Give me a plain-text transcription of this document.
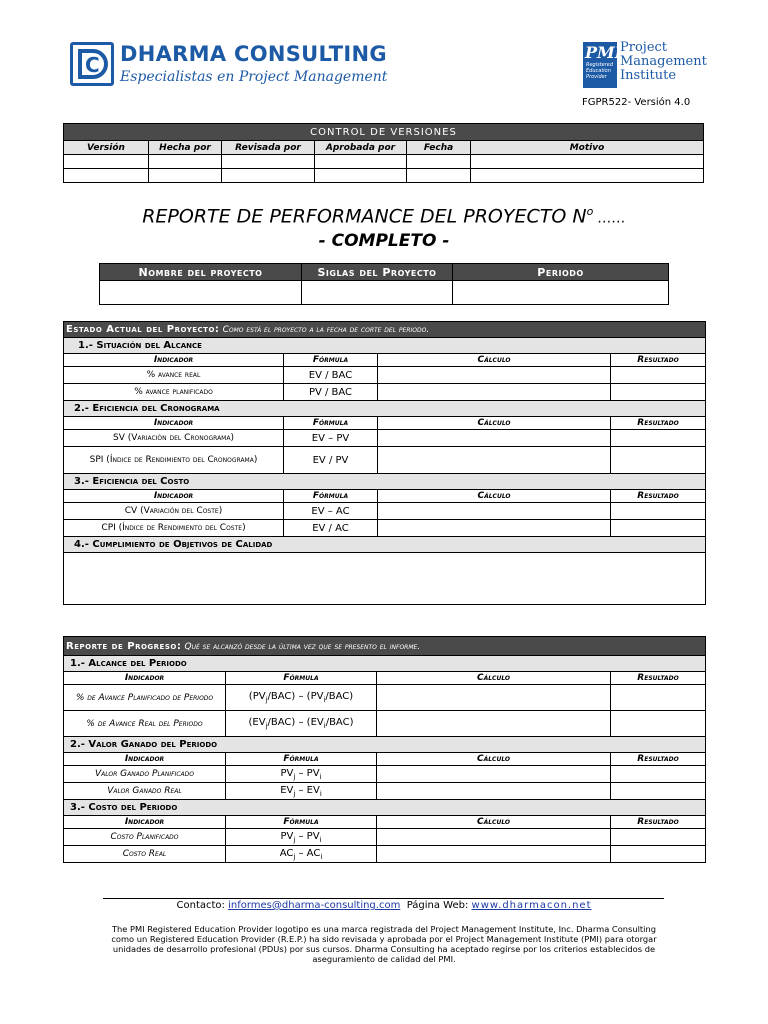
C DHARMA CONSULTING
Especialistas en Project Management
PMI
Registered Education Provider
Project
Management
Institute
FGPR522- Versión 4.0
CONTROL DE VERSIONES					
Versión	Hecha por	Revisada por	Aprobada por	Fecha	Motivo

REPORTE DE PERFORMANCE DEL PROYECTO $N^o$ ……
- COMPLETO -
Nombre del proyecto	Siglas del Proyecto	Periodo

Estado Actual del Proyecto: Como está el proyecto a la fecha de corte del periodo.			
1.- Situación del Alcance			
Indicador	Fórmula	Cálculo	Resultado
% avance real	EV / BAC		
% avance planificado	PV / BAC		
2.- Eficiencia del Cronograma			
Indicador	Fórmula	Cálculo	Resultado
SV (Variación del Cronograma)	EV – PV		
SPI (Índice de Rendimiento del Cronograma)	EV / PV		
3.- Eficiencia del Costo			
Indicador	Fórmula	Cálculo	Resultado
CV (Variación del Coste)	EV – AC		
CPI (Índice de Rendimiento del Coste)	EV / AC		
4.- Cumplimiento de Objetivos de Calidad			

Reporte de Progreso: Qué se alcanzó desde la última vez que se presento el informe.			
1.- Alcance del Periodo			
Indicador	Fórmula	Cálculo	Resultado
% de Avance Planificado de Periodo	$(PV_j/BAC) - (PV_i/BAC)$		
% de Avance Real del Periodo	$(EV_j/BAC) - (EV_i/BAC)$		
2.- Valor Ganado del Periodo			
Indicador	Fórmula	Cálculo	Resultado
Valor Ganado Planificado	$PV_j - PV_i$		
Valor Ganado Real	$EV_j - EV_i$		
3.- Costo del Periodo			
Indicador	Fórmula	Cálculo	Resultado
Costo Planificado	$PV_j - PV_i$		
Costo Real	$AC_j - AC_i$		
Contacto: informes@dharma-consulting.com Página Web: www.dharmacon.net
The PMI Registered Education Provider logotipo es una marca registrada del Project Management Institute, Inc. Dharma Consulting como un Registered Education Provider (R.E.P.) ha sido revisada y aprobada por el Project Management Institute (PMI) para otorgar unidades de desarrollo profesional (PDUs) por sus cursos. Dharma Consulting ha aceptado regirse por los criterios establecidos de aseguramiento de calidad del PMI.
